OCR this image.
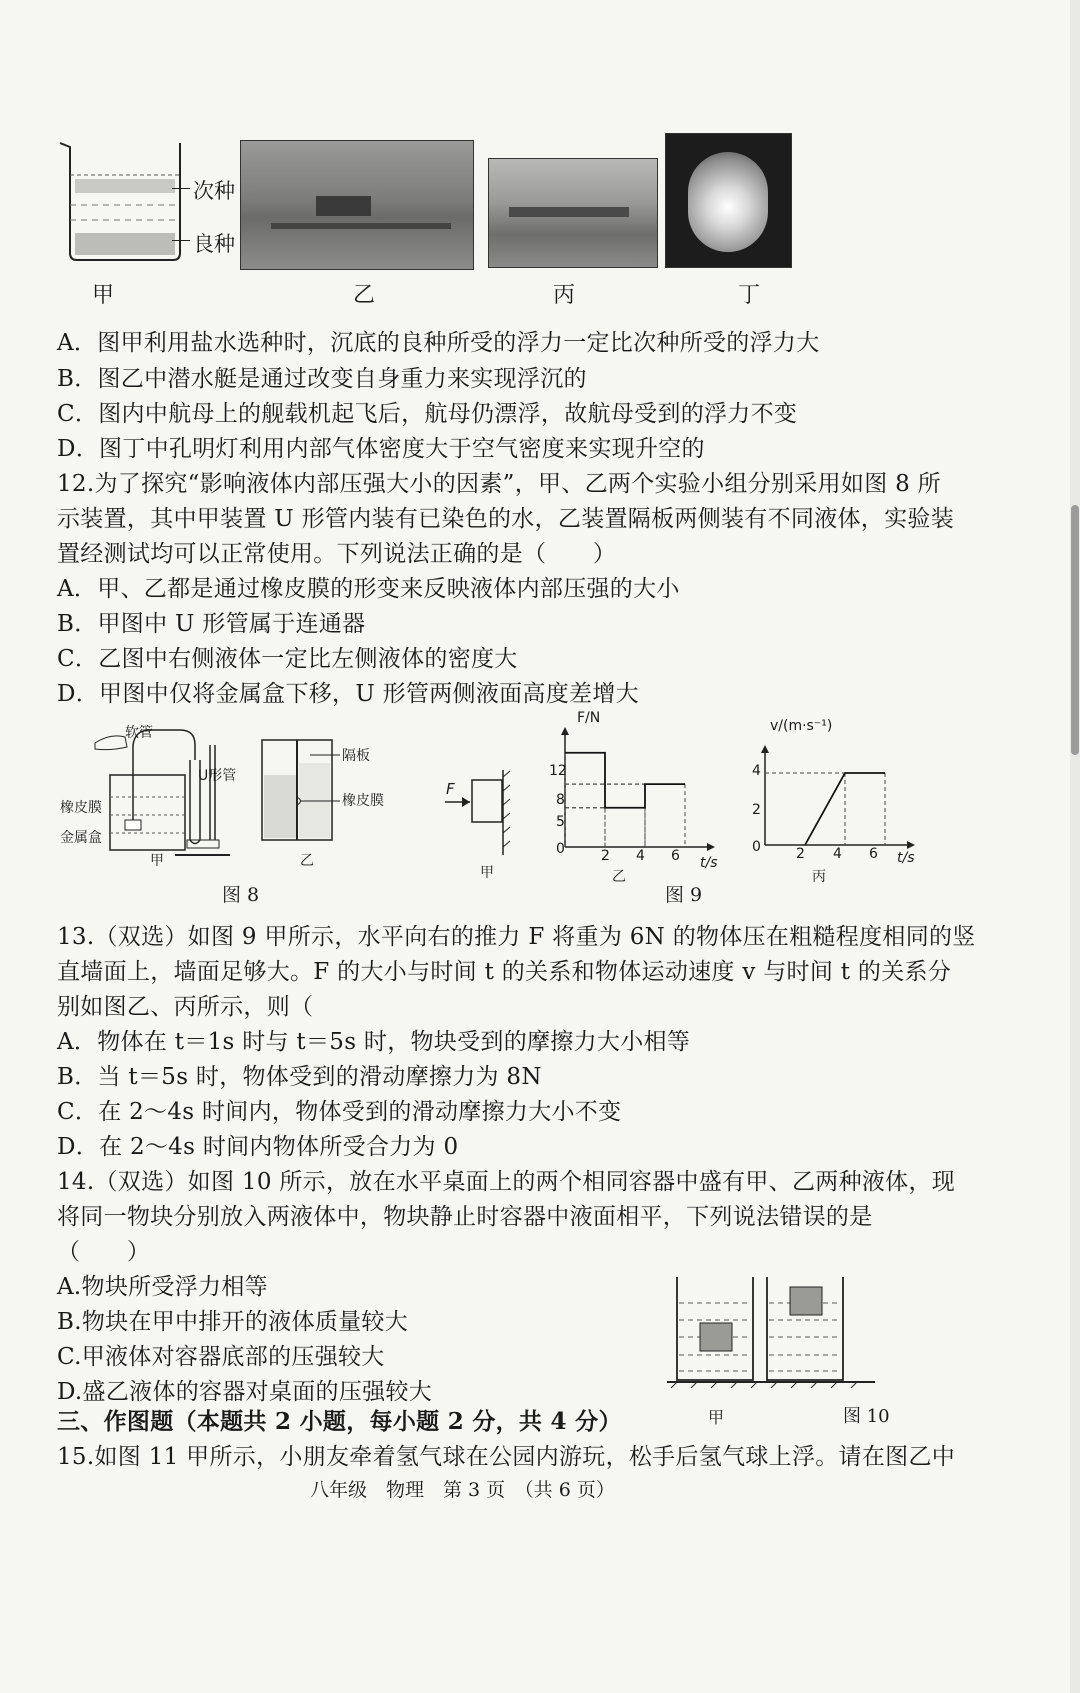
次种
良种
甲	乙	丙	丁
A．图甲利用盐水选种时，沉底的良种所受的浮力一定比次种所受的浮力大
B．图乙中潜水艇是通过改变自身重力来实现浮沉的
C．图内中航母上的舰载机起飞后，航母仍漂浮，故航母受到的浮力不变
D．图丁中孔明灯利用内部气体密度大于空气密度来实现升空的
12.为了探究“影响液体内部压强大小的因素”，甲、乙两个实验小组分别采用如图 8 所
示装置，其中甲装置 U 形管内装有已染色的水，乙装置隔板两侧装有不同液体，实验装
置经测试均可以正常使用。下列说法正确的是（　　）
A．甲、乙都是通过橡皮膜的形变来反映液体内部压强的大小
B．甲图中 U 形管属于连通器
C．乙图中右侧液体一定比左侧液体的密度大
D．甲图中仅将金属盒下移，U 形管两侧液面高度差增大
软管
U形管
橡皮膜
金属盒
甲
隔板
橡皮膜
乙
图 8
F
甲
F/N
t/s
12
8
5
0	2 4 6
乙
图 9
v/(m·s⁻¹)
t/s
4
2
0	2 4 6
丙
13.（双选）如图 9 甲所示，水平向右的推力 F 将重为 6N 的物体压在粗糙程度相同的竖
直墙面上，墙面足够大。F 的大小与时间 t 的关系和物体运动速度 v 与时间 t 的关系分
别如图乙、丙所示，则（
A．物体在 t＝1s 时与 t＝5s 时，物块受到的摩擦力大小相等
B．当 t＝5s 时，物体受到的滑动摩擦力为 8N
C．在 2～4s 时间内，物体受到的滑动摩擦力大小不变
D．在 2～4s 时间内物体所受合力为 0
14.（双选）如图 10 所示，放在水平桌面上的两个相同容器中盛有甲、乙两种液体，现
将同一物块分别放入两液体中，物块静止时容器中液面相平，下列说法错误的是
（　　）
A.物块所受浮力相等
B.物块在甲中排开的液体质量较大
C.甲液体对容器底部的压强较大
D.盛乙液体的容器对桌面的压强较大
甲	图 10
三、作图题（本题共 2 小题，每小题 2 分，共 4 分）
15.如图 11 甲所示，小朋友牵着氢气球在公园内游玩，松手后氢气球上浮。请在图乙中
八年级　物理　第 3 页　（共 6 页）
